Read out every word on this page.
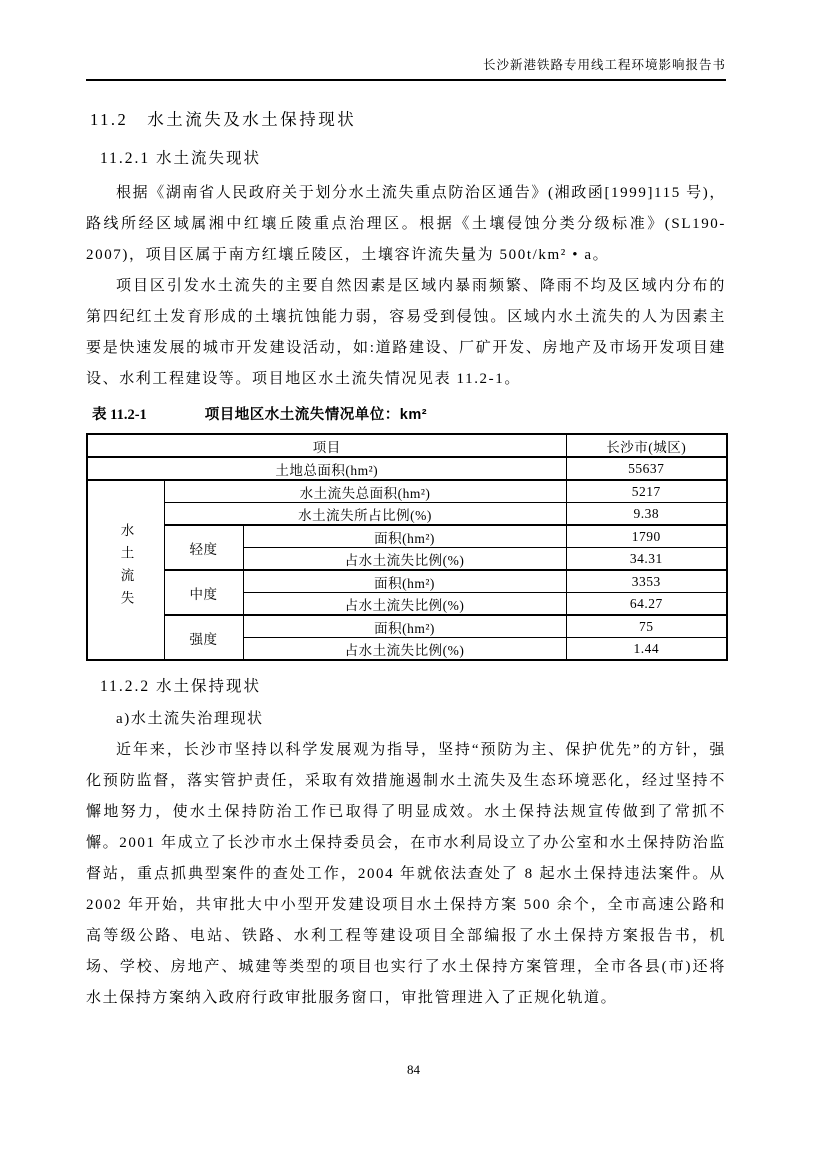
长沙新港铁路专用线工程环境影响报告书
11.2　水土流失及水土保持现状
11.2.1 水土流失现状

根据《湖南省人民政府关于划分水土流失重点防治区通告》(湘政函[1999]115 号)，路线所经区域属湘中红壤丘陵重点治理区。根据《土壤侵蚀分类分级标准》(SL190-2007)，项目区属于南方红壤丘陵区，土壤容许流失量为 500t/km² • a。

项目区引发水土流失的主要自然因素是区域内暴雨频繁、降雨不均及区域内分布的第四纪红土发育形成的土壤抗蚀能力弱，容易受到侵蚀。区域内水土流失的人为因素主要是快速发展的城市开发建设活动，如:道路建设、厂矿开发、房地产及市场开发项目建设、水利工程建设等。项目地区水土流失情况见表 11.2-1。

表 11.2-1	项目地区水土流失情况单位：km²
项目			长沙市(城区)
土地总面积(hm²)			55637
水土流失	水土流失总面积(hm²)		5217
	水土流失所占比例(%)		9.38
	轻度	面积(hm²)	1790
		占水土流失比例(%)	34.31
	中度	面积(hm²)	3353
		占水土流失比例(%)	64.27
	强度	面积(hm²)	75
		占水土流失比例(%)	1.44
11.2.2 水土保持现状

a)水土流失治理现状

近年来，长沙市坚持以科学发展观为指导，坚持“预防为主、保护优先”的方针，强化预防监督，落实管护责任，采取有效措施遏制水土流失及生态环境恶化，经过坚持不懈地努力，使水土保持防治工作已取得了明显成效。水土保持法规宣传做到了常抓不懈。2001 年成立了长沙市水土保持委员会，在市水利局设立了办公室和水土保持防治监督站，重点抓典型案件的查处工作，2004 年就依法查处了 8 起水土保持违法案件。从 2002 年开始，共审批大中小型开发建设项目水土保持方案 500 余个，全市高速公路和高等级公路、电站、铁路、水利工程等建设项目全部编报了水土保持方案报告书，机场、学校、房地产、城建等类型的项目也实行了水土保持方案管理，全市各县(市)还将水土保持方案纳入政府行政审批服务窗口，审批管理进入了正规化轨道。

84
